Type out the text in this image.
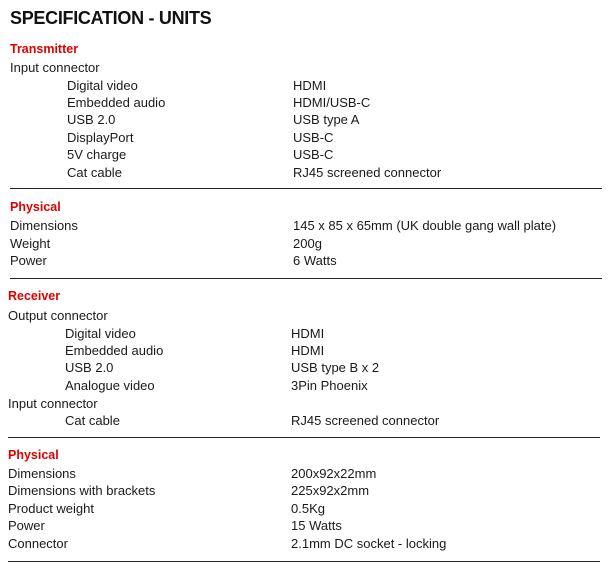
SPECIFICATION - UNITS
Transmitter
Input connector
Digital video	HDMI
Embedded audio	HDMI/USB-C
USB 2.0	USB type A
DisplayPort	USB-C
5V charge	USB-C
Cat cable	RJ45 screened connector
Physical
Dimensions	145 x 85 x 65mm (UK double gang wall plate)
Weight	200g
Power	6 Watts
Receiver
Output connector
Digital video	HDMI
Embedded audio	HDMI
USB 2.0	USB type B x 2
Analogue video	3Pin Phoenix
Input connector
Cat cable	RJ45 screened connector
Physical
Dimensions	200x92x22mm
Dimensions with brackets	225x92x2mm
Product weight	0.5Kg
Power	15 Watts
Connector	2.1mm DC socket - locking
